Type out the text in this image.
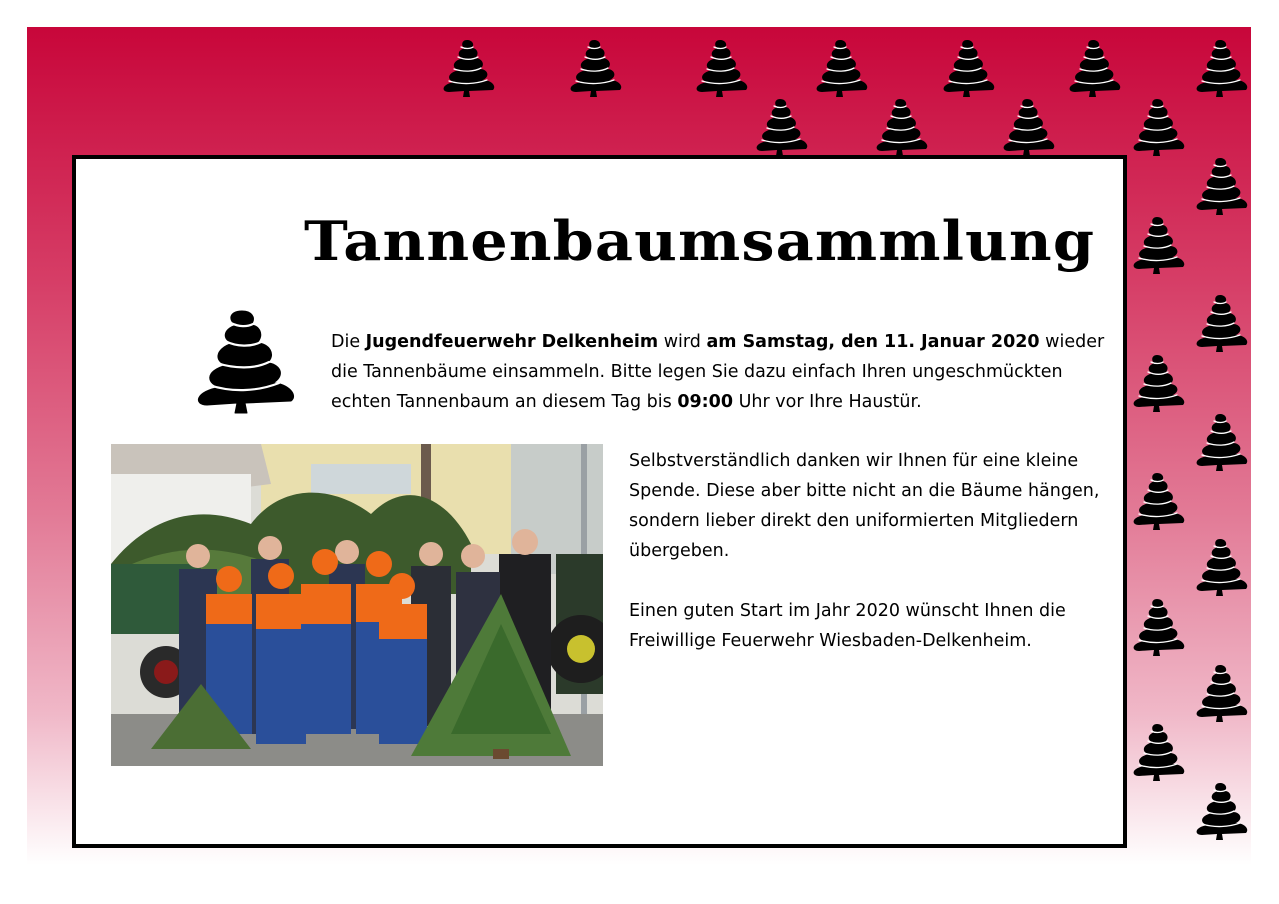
Tannenbaumsammlung
Die Jugendfeuerwehr Delkenheim wird am Samstag, den 11. Januar 2020 wieder die Tannenbäume einsammeln. Bitte legen Sie dazu einfach Ihren ungeschmückten echten Tannenbaum an diesem Tag bis 09:00 Uhr vor Ihre Haustür.

Selbstverständlich danken wir Ihnen für eine kleine Spende. Diese aber bitte nicht an die Bäume hängen, sondern lieber direkt den uniformierten Mitgliedern übergeben.

Einen guten Start im Jahr 2020 wünscht Ihnen die Freiwillige Feuerwehr Wiesbaden-Delkenheim.
